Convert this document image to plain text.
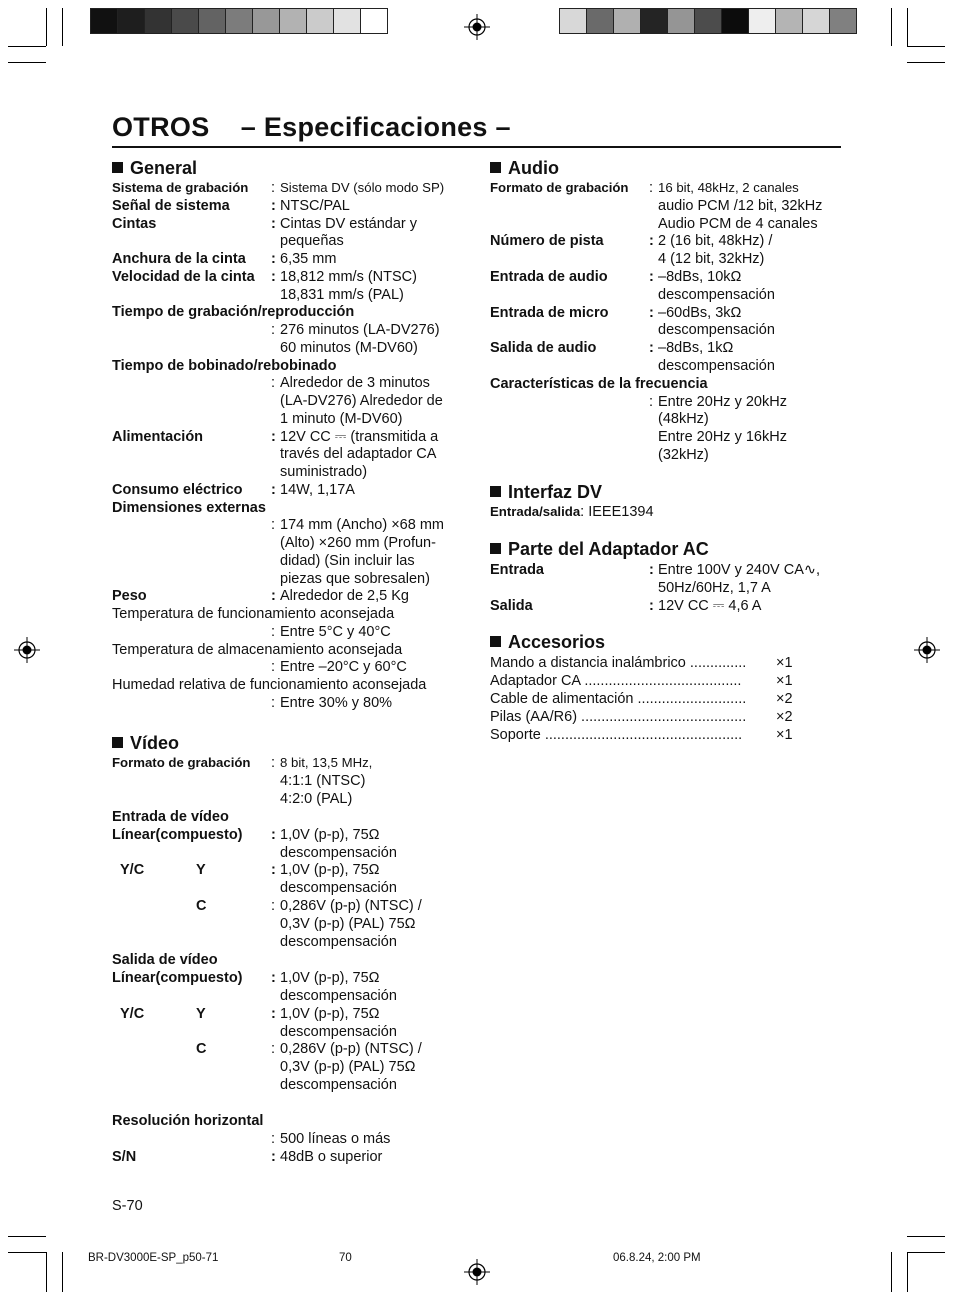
OTROS    – Especificaciones –
General
Vídeo
Audio
Interfaz DV
Parte del Adaptador AC
Accesorios
Sistema de grabación : Sistema DV (sólo modo SP)
Señal de sistema	: NTSC/PAL
Cintas	: Cintas DV estándar y
pequeñas
Anchura de la cinta : 6,35 mm
Velocidad de la cinta : 18,812 mm/s (NTSC)
18,831 mm/s (PAL)
Tiempo de grabación/reproducción
: 276 minutos (LA-DV276)
60 minutos (M-DV60)
Tiempo de bobinado/rebobinado
: Alrededor de 3 minutos
(LA-DV276) Alrededor de
1 minuto (M-DV60)
Alimentación	: 12V CC ⎓ (transmitida a
través del adaptador CA
suministrado)
Consumo eléctrico : 14W, 1,17A
Dimensiones externas
: 174 mm (Ancho) ×68 mm
(Alto) ×260 mm (Profun-
didad) (Sin incluir las
piezas que sobresalen)
Peso	: Alrededor de 2,5 Kg
Temperatura de funcionamiento aconsejada
: Entre 5°C y 40°C
Temperatura de almacenamiento aconsejada
: Entre –20°C y 60°C
Humedad relativa de funcionamiento aconsejada
: Entre 30% y 80%
Formato de grabación : 8 bit, 13,5 MHz,
4:1:1 (NTSC)
4:2:0 (PAL)
Entrada de vídeo
Línear(compuesto) : 1,0V (p-p), 75Ω
descompensación
Y/C	Y	: 1,0V (p-p), 75Ω
descompensación
C	: 0,286V (p-p) (NTSC) /
0,3V (p-p) (PAL) 75Ω
descompensación
Salida de vídeo
Línear(compuesto) : 1,0V (p-p), 75Ω
descompensación
Y/C	Y	: 1,0V (p-p), 75Ω
descompensación
C	: 0,286V (p-p) (NTSC) /
0,3V (p-p) (PAL) 75Ω
descompensación
Resolución horizontal
: 500 líneas o más
S/N	: 48dB o superior
Formato de grabación : 16 bit, 48kHz, 2 canales
audio PCM /12 bit, 32kHz
Audio PCM de 4 canales
Número de pista	: 2 (16 bit, 48kHz) /
4 (12 bit, 32kHz)
Entrada de audio	: –8dBs, 10kΩ
descompensación
Entrada de micro	: –60dBs, 3kΩ
descompensación
Salida de audio	: –8dBs, 1kΩ
descompensación
Características de la frecuencia
: Entre 20Hz y 20kHz
(48kHz)
Entre 20Hz y 16kHz
(32kHz)
Entrada	: Entre 100V y 240V CA∿,
50Hz/60Hz, 1,7 A
Salida	: 12V CC ⎓ 4,6 A
Mando a distancia inalámbrico ..............	×1
Adaptador CA .......................................	×1
Cable de alimentación ...........................	×2
Pilas (AA/R6) .........................................	×2
Soporte .................................................	×1
Entrada/salida: IEEE1394
S-70
BR-DV3000E-SP_p50-71	70	06.8.24, 2:00 PM
